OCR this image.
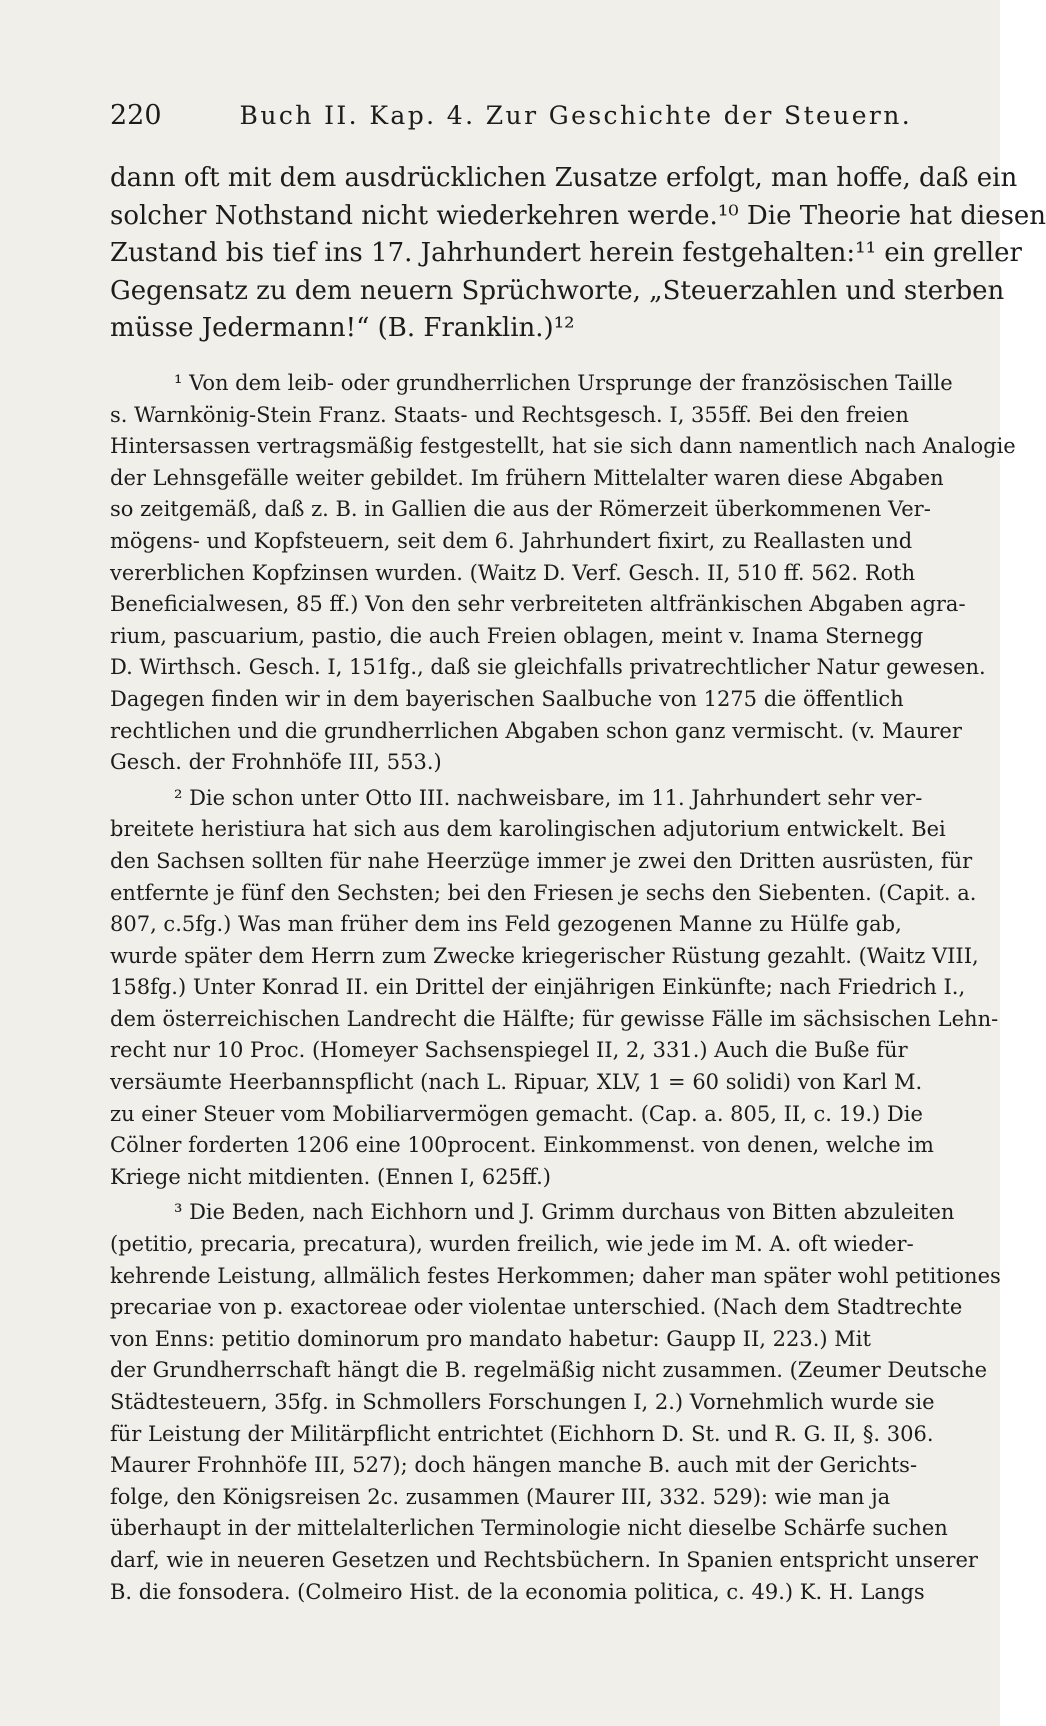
220	Buch II. Kap. 4. Zur Geschichte der Steuern.
dann oft mit dem ausdrücklichen Zusatze erfolgt, man hoffe, daß ein
solcher Nothstand nicht wiederkehren werde.¹⁰ Die Theorie hat diesen
Zustand bis tief ins 17. Jahrhundert herein festgehalten:¹¹ ein greller
Gegensatz zu dem neuern Sprüchworte, „Steuerzahlen und sterben
müsse Jedermann!“ (B. Franklin.)¹²
¹ Von dem leib- oder grundherrlichen Ursprunge der französischen Taille
s. Warnkönig-Stein Franz. Staats- und Rechtsgesch. I, 355ff. Bei den freien
Hintersassen vertragsmäßig festgestellt, hat sie sich dann namentlich nach Analogie
der Lehnsgefälle weiter gebildet. Im frühern Mittelalter waren diese Abgaben
so zeitgemäß, daß z. B. in Gallien die aus der Römerzeit überkommenen Ver-
mögens- und Kopfsteuern, seit dem 6. Jahrhundert fixirt, zu Reallasten und
vererblichen Kopfzinsen wurden. (Waitz D. Verf. Gesch. II, 510 ff. 562. Roth
Beneficialwesen, 85 ff.) Von den sehr verbreiteten altfränkischen Abgaben agra-
rium, pascuarium, pastio, die auch Freien oblagen, meint v. Inama Sternegg
D. Wirthsch. Gesch. I, 151fg., daß sie gleichfalls privatrechtlicher Natur gewesen.
Dagegen finden wir in dem bayerischen Saalbuche von 1275 die öffentlich
rechtlichen und die grundherrlichen Abgaben schon ganz vermischt. (v. Maurer
Gesch. der Frohnhöfe III, 553.)
² Die schon unter Otto III. nachweisbare, im 11. Jahrhundert sehr ver-
breitete heristiura hat sich aus dem karolingischen adjutorium entwickelt. Bei
den Sachsen sollten für nahe Heerzüge immer je zwei den Dritten ausrüsten, für
entfernte je fünf den Sechsten; bei den Friesen je sechs den Siebenten. (Capit. a.
807, c.5fg.) Was man früher dem ins Feld gezogenen Manne zu Hülfe gab,
wurde später dem Herrn zum Zwecke kriegerischer Rüstung gezahlt. (Waitz VIII,
158fg.) Unter Konrad II. ein Drittel der einjährigen Einkünfte; nach Friedrich I.,
dem österreichischen Landrecht die Hälfte; für gewisse Fälle im sächsischen Lehn-
recht nur 10 Proc. (Homeyer Sachsenspiegel II, 2, 331.) Auch die Buße für
versäumte Heerbannspflicht (nach L. Ripuar, XLV, 1 = 60 solidi) von Karl M.
zu einer Steuer vom Mobiliarvermögen gemacht. (Cap. a. 805, II, c. 19.) Die
Cölner forderten 1206 eine 100procent. Einkommenst. von denen, welche im
Kriege nicht mitdienten. (Ennen I, 625ff.)
³ Die Beden, nach Eichhorn und J. Grimm durchaus von Bitten abzuleiten
(petitio, precaria, precatura), wurden freilich, wie jede im M. A. oft wieder-
kehrende Leistung, allmälich festes Herkommen; daher man später wohl petitiones
precariae von p. exactoreae oder violentae unterschied. (Nach dem Stadtrechte
von Enns: petitio dominorum pro mandato habetur: Gaupp II, 223.) Mit
der Grundherrschaft hängt die B. regelmäßig nicht zusammen. (Zeumer Deutsche
Städtesteuern, 35fg. in Schmollers Forschungen I, 2.) Vornehmlich wurde sie
für Leistung der Militärpflicht entrichtet (Eichhorn D. St. und R. G. II, §. 306.
Maurer Frohnhöfe III, 527); doch hängen manche B. auch mit der Gerichts-
folge, den Königsreisen 2c. zusammen (Maurer III, 332. 529): wie man ja
überhaupt in der mittelalterlichen Terminologie nicht dieselbe Schärfe suchen
darf, wie in neueren Gesetzen und Rechtsbüchern. In Spanien entspricht unserer
B. die fonsodera. (Colmeiro Hist. de la economia politica, c. 49.) K. H. Langs
